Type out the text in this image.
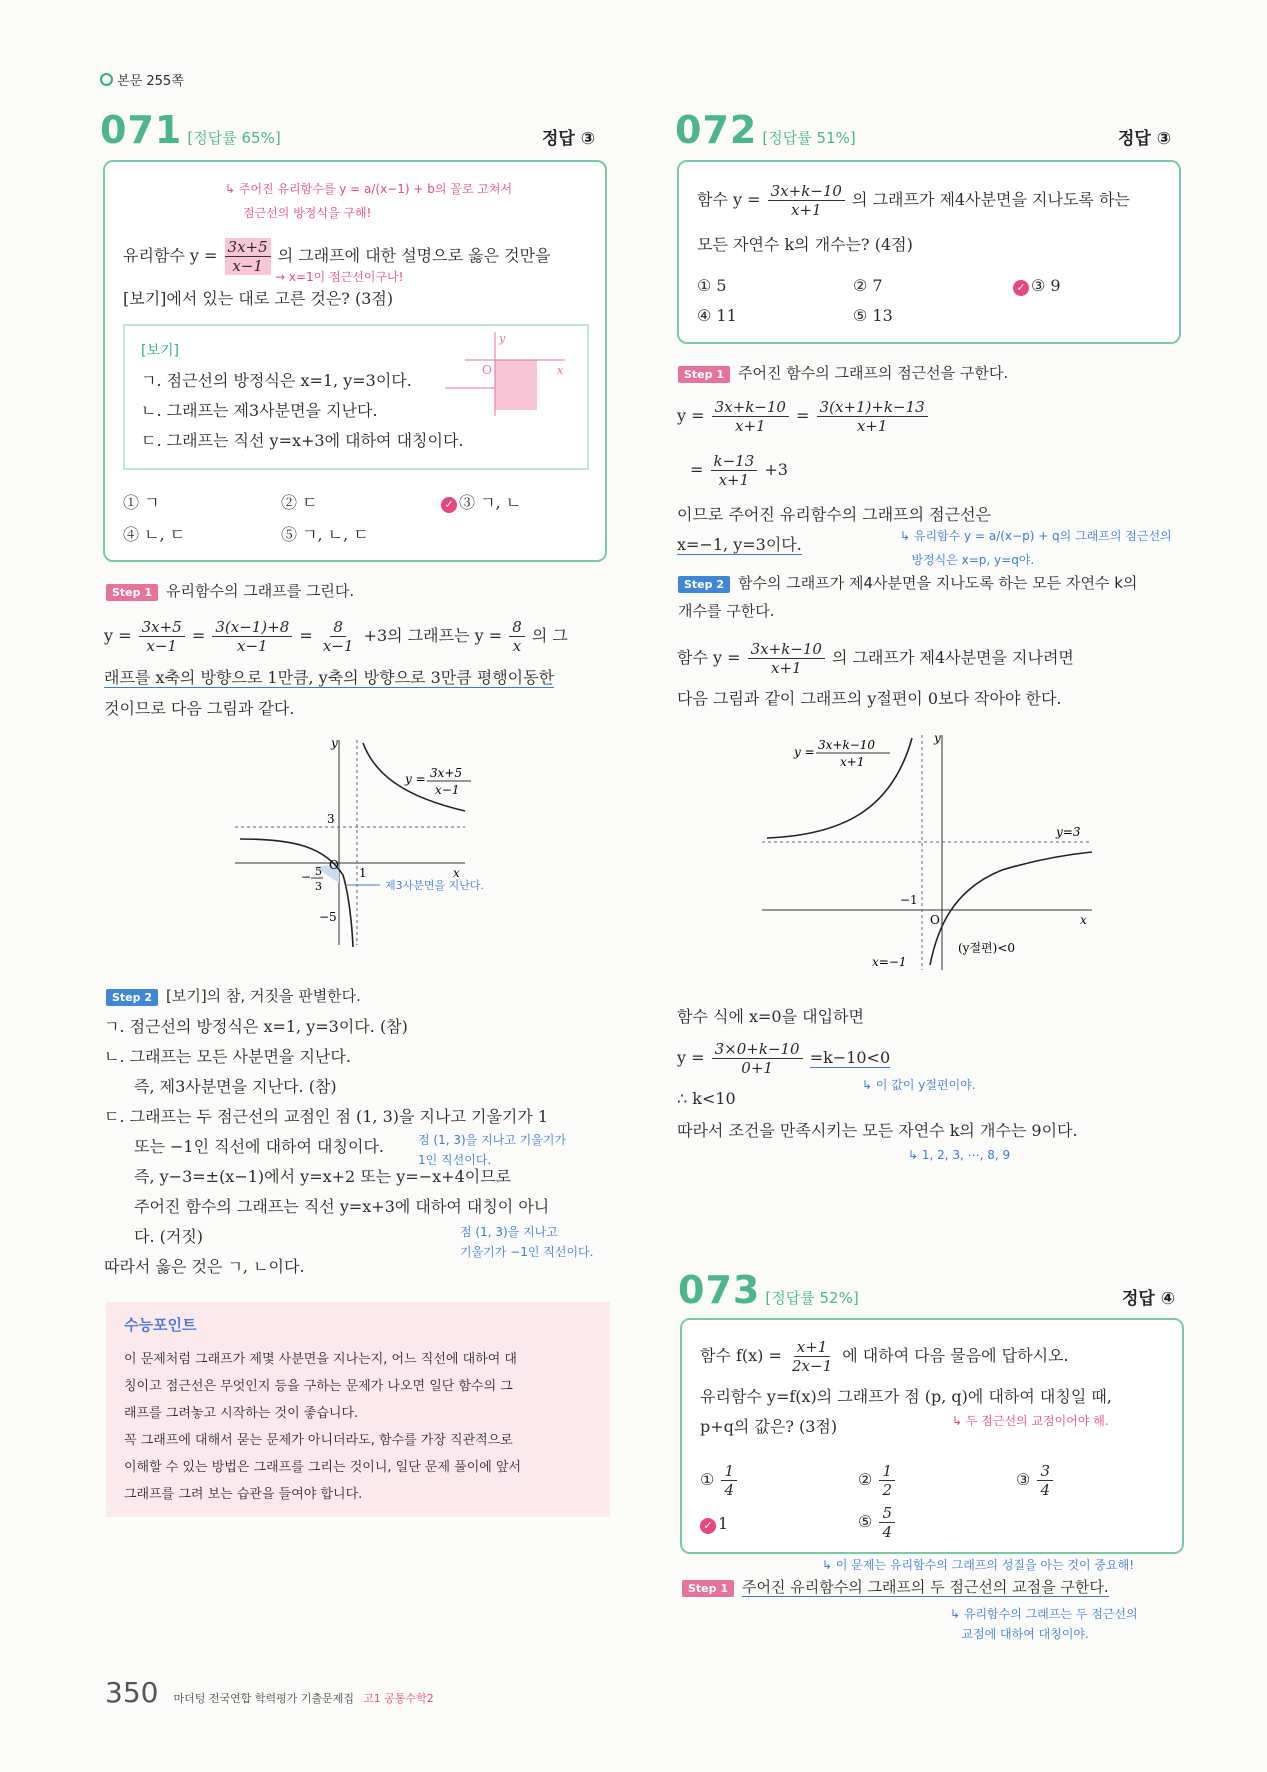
본문 255쪽
071 [정답률 65%]	정답 ③
↳ 주어진 유리함수를 y = a/(x−1) + b의 꼴로 고쳐서
점근선의 방정식을 구해!
유리함수 $y = \frac{3x+5}{x-1}$ 의 그래프에 대한 설명으로 옳은 것만을
→ x=1이 점근선이구나!
[보기]에서 있는 대로 고른 것은? (3점)
[보기]
ㄱ. 점근선의 방정식은 x=1, y=3이다.
ㄴ. 그래프는 제3사분면을 지난다.
ㄷ. 그래프는 직선 y=x+3에 대하여 대칭이다.
y
O	x
① ㄱ	② ㄷ	✓ ③ ㄱ, ㄴ
④ ㄴ, ㄷ	⑤ ㄱ, ㄴ, ㄷ
Step 1 유리함수의 그래프를 그린다.
$y = \frac{3x+5}{x-1} = \frac{3(x-1)+8}{x-1} = \frac{8}{x-1} +3$의 그래프는 $y = \frac{8}{x}$ 의 그
래프를 x축의 방향으로 1만큼, y축의 방향으로 3만큼 평행이동한
것이므로 다음 그림과 같다.
y
x
O
3
1
−5
− 5
3
y = 3x+5
x−1
제3사분면을 지난다.
Step 2 [보기]의 참, 거짓을 판별한다.
ㄱ. 점근선의 방정식은 x=1, y=3이다. (참)
ㄴ. 그래프는 모든 사분면을 지난다.
즉, 제3사분면을 지난다. (참)
ㄷ. 그래프는 두 점근선의 교점인 점 (1, 3)을 지나고 기울기가 1
또는 −1인 직선에 대하여 대칭이다.	점 (1, 3)을 지나고 기울기가
1인 직선이다.
즉, y−3=±(x−1)에서 y=x+2 또는 y=−x+4이므로
주어진 함수의 그래프는 직선 y=x+3에 대하여 대칭이 아니
다. (거짓)	점 (1, 3)을 지나고
기울기가 −1인 직선이다.
따라서 옳은 것은 ㄱ, ㄴ이다.
수능포인트
이 문제처럼 그래프가 제몇 사분면을 지나는지, 어느 직선에 대하여 대
칭이고 점근선은 무엇인지 등을 구하는 문제가 나오면 일단 함수의 그
래프를 그려놓고 시작하는 것이 좋습니다.
꼭 그래프에 대해서 묻는 문제가 아니더라도, 함수를 가장 직관적으로
이해할 수 있는 방법은 그래프를 그리는 것이니, 일단 문제 풀이에 앞서
그래프를 그려 보는 습관을 들여야 합니다.
072 [정답률 51%]	정답 ③
함수 $y = \frac{3x+k-10}{x+1}$ 의 그래프가 제4사분면을 지나도록 하는
모든 자연수 k의 개수는? (4점)
① 5	② 7	✓ ③ 9
④ 11	⑤ 13
Step 1 주어진 함수의 그래프의 점근선을 구한다.
$y = \frac{3x+k-10}{x+1} = \frac{3(x+1)+k-13}{x+1}$
= $\frac{k-13}{x+1} +3$
이므로 주어진 유리함수의 그래프의 점근선은
x=−1, y=3이다.	↳ 유리함수 y = a/(x−p) + q의 그래프의 점근선의
방정식은 x=p, y=q야.
Step 2 함수의 그래프가 제4사분면을 지나도록 하는 모든 자연수 k의
개수를 구한다.
함수 $y = \frac{3x+k-10}{x+1}$ 의 그래프가 제4사분면을 지나려면
다음 그림과 같이 그래프의 y절편이 0보다 작아야 한다.
y = 3x+k−10
x+1
y
x
O
y=3
−1
x=−1
(y절편)<0
함수 식에 x=0을 대입하면
$y = \frac{3\times 0+k-10}{0+1} =k-10<0$
↳ 이 값이 y절편이야.
∴ k<10
따라서 조건을 만족시키는 모든 자연수 k의 개수는 9이다.
↳ 1, 2, 3, ⋯, 8, 9
073 [정답률 52%]	정답 ④
함수 $f(x) = \frac{x+1}{2x-1}$ 에 대하여 다음 물음에 답하시오.
유리함수 y=f(x)의 그래프가 점 (p, q)에 대하여 대칭일 때,
↳ 두 점근선의 교점이어야 해.
p+q의 값은? (3점)
① $\frac{1}{4}$	② $\frac{1}{2}$	③ $\frac{3}{4}$
✓ 1	⑤ $\frac{5}{4}$
↳ 이 문제는 유리함수의 그래프의 성질을 아는 것이 중요해!
Step 1 주어진 유리함수의 그래프의 두 점근선의 교점을 구한다.
↳ 유리함수의 그래프는 두 점근선의
교점에 대하여 대칭이야.
350 마더텅 전국연합 학력평가 기출문제집 고1 공통수학2
